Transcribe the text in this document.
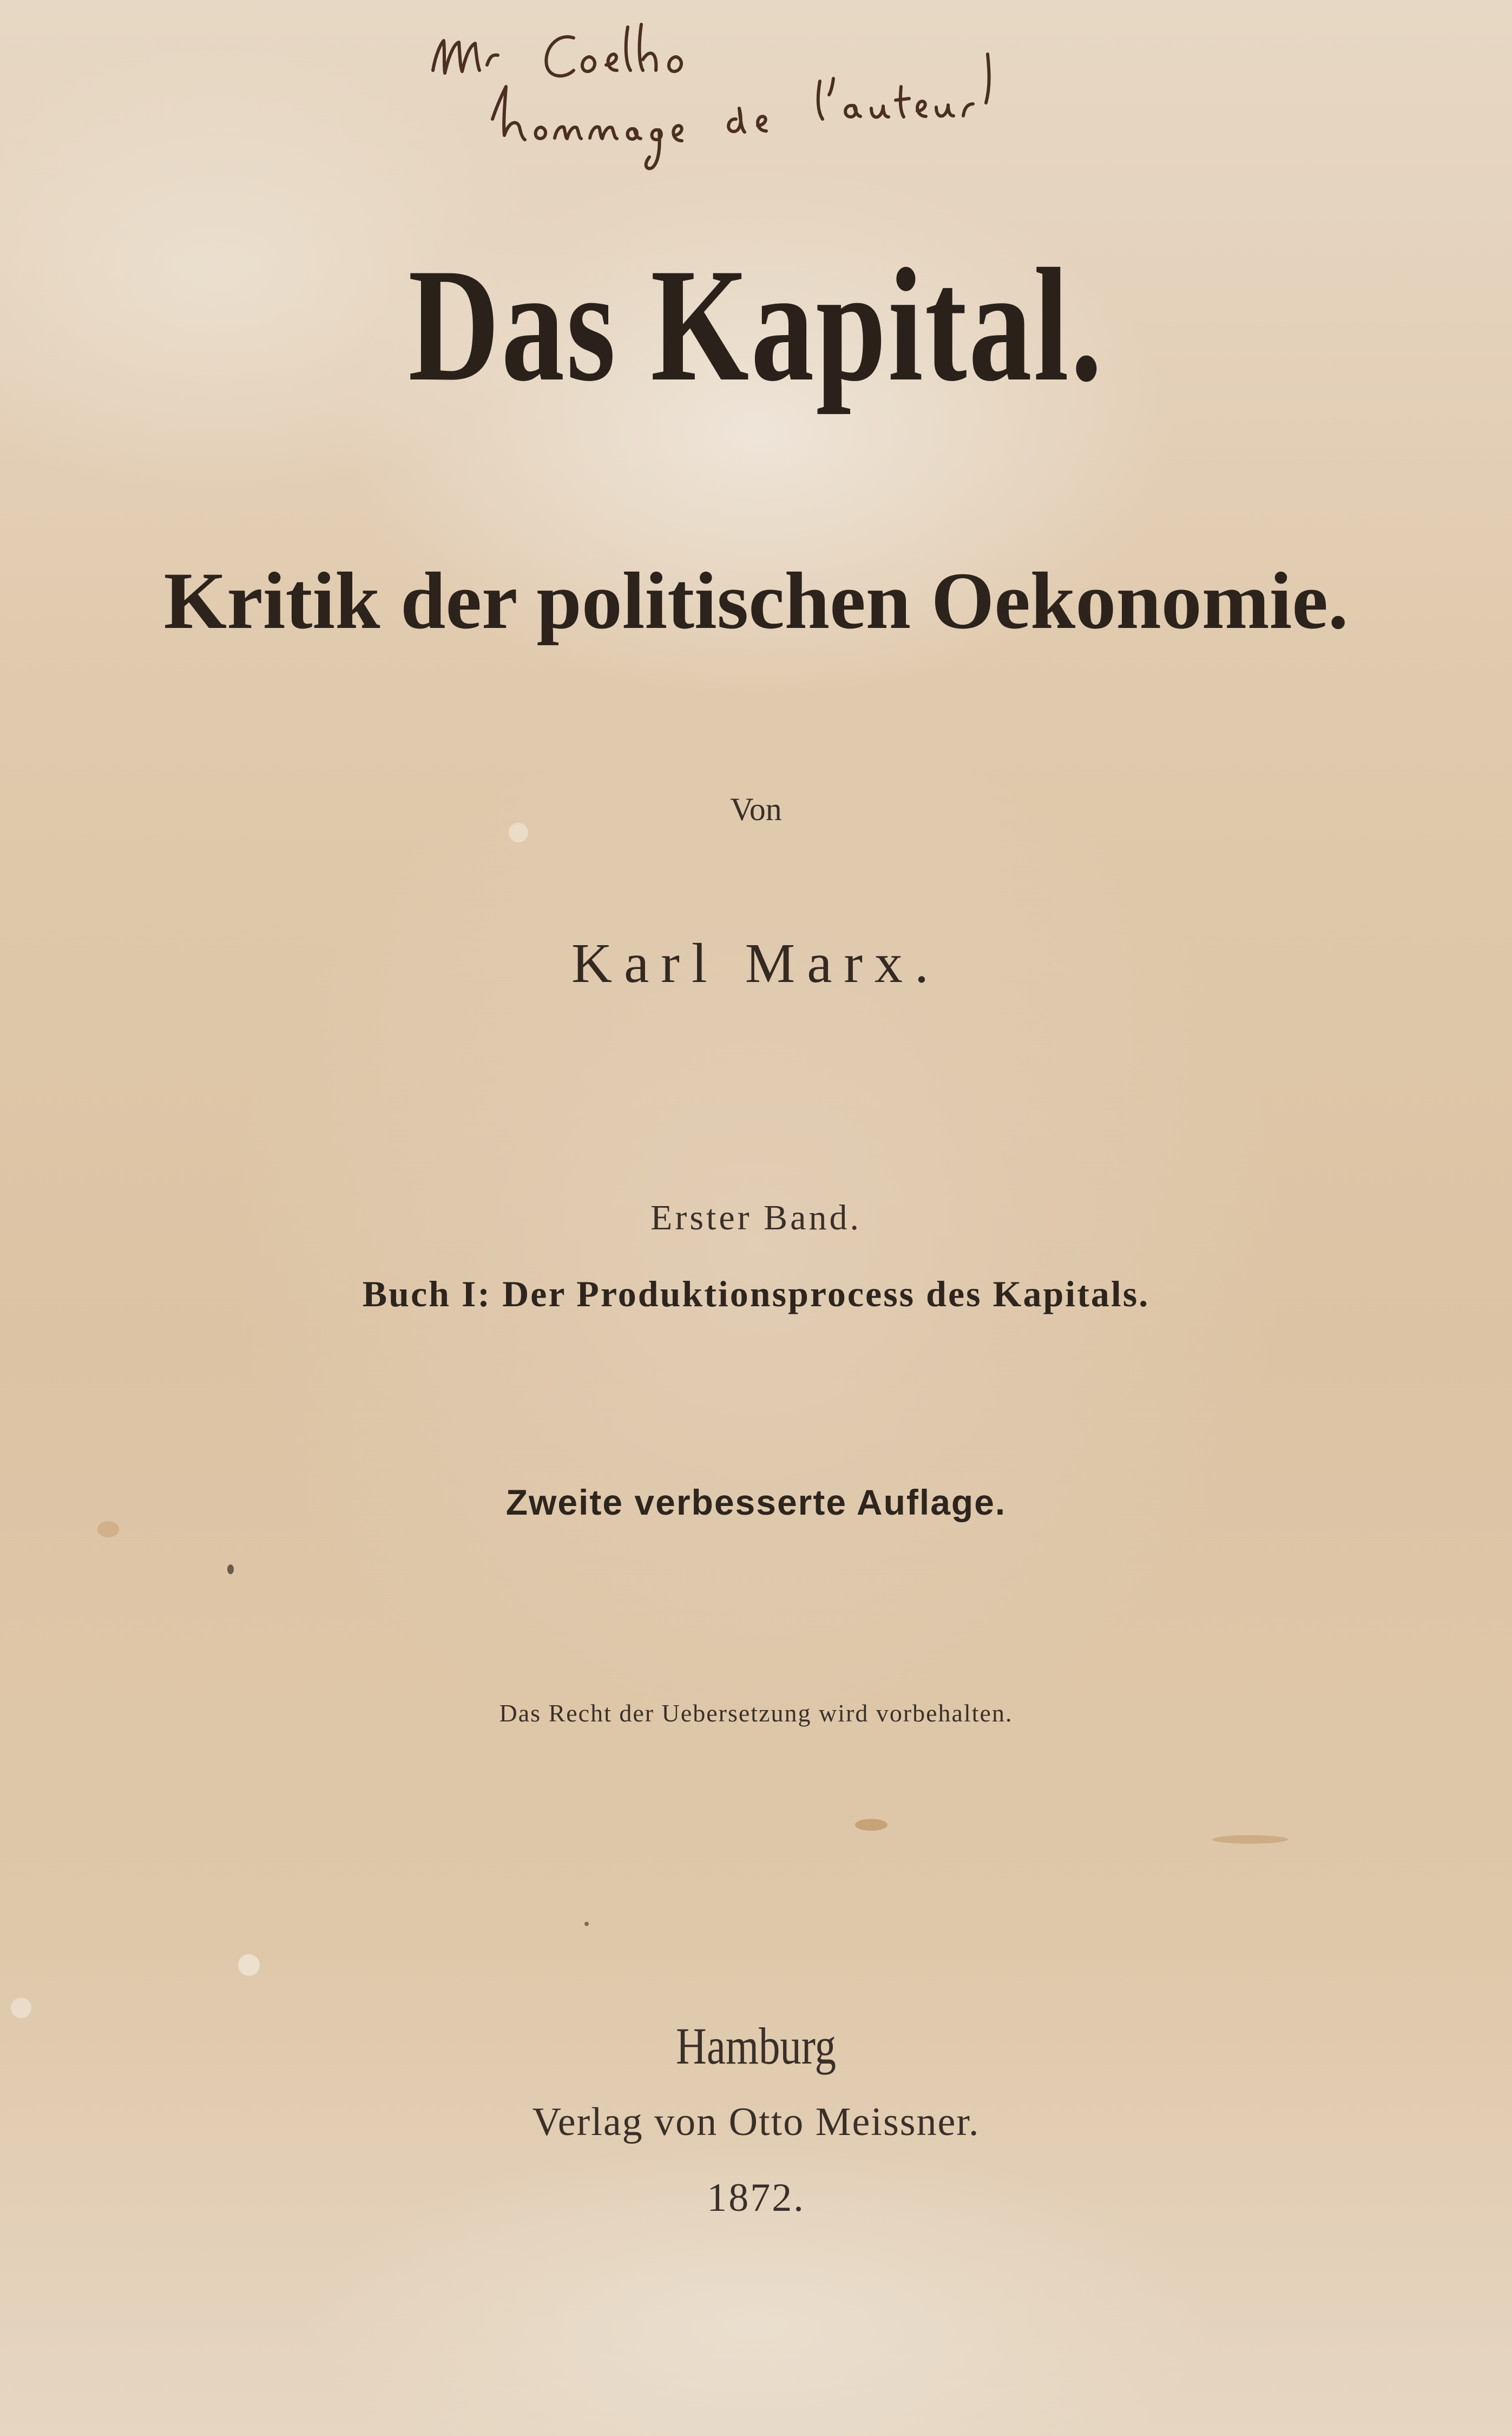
Das Kapital.
Kritik der politischen Oekonomie.
Von
Karl Marx.
Erster Band.
Buch I: Der Produktionsprocess des Kapitals.
Zweite verbesserte Auflage.
Das Recht der Uebersetzung wird vorbehalten.
Hamburg
Verlag von Otto Meissner.
1872.
